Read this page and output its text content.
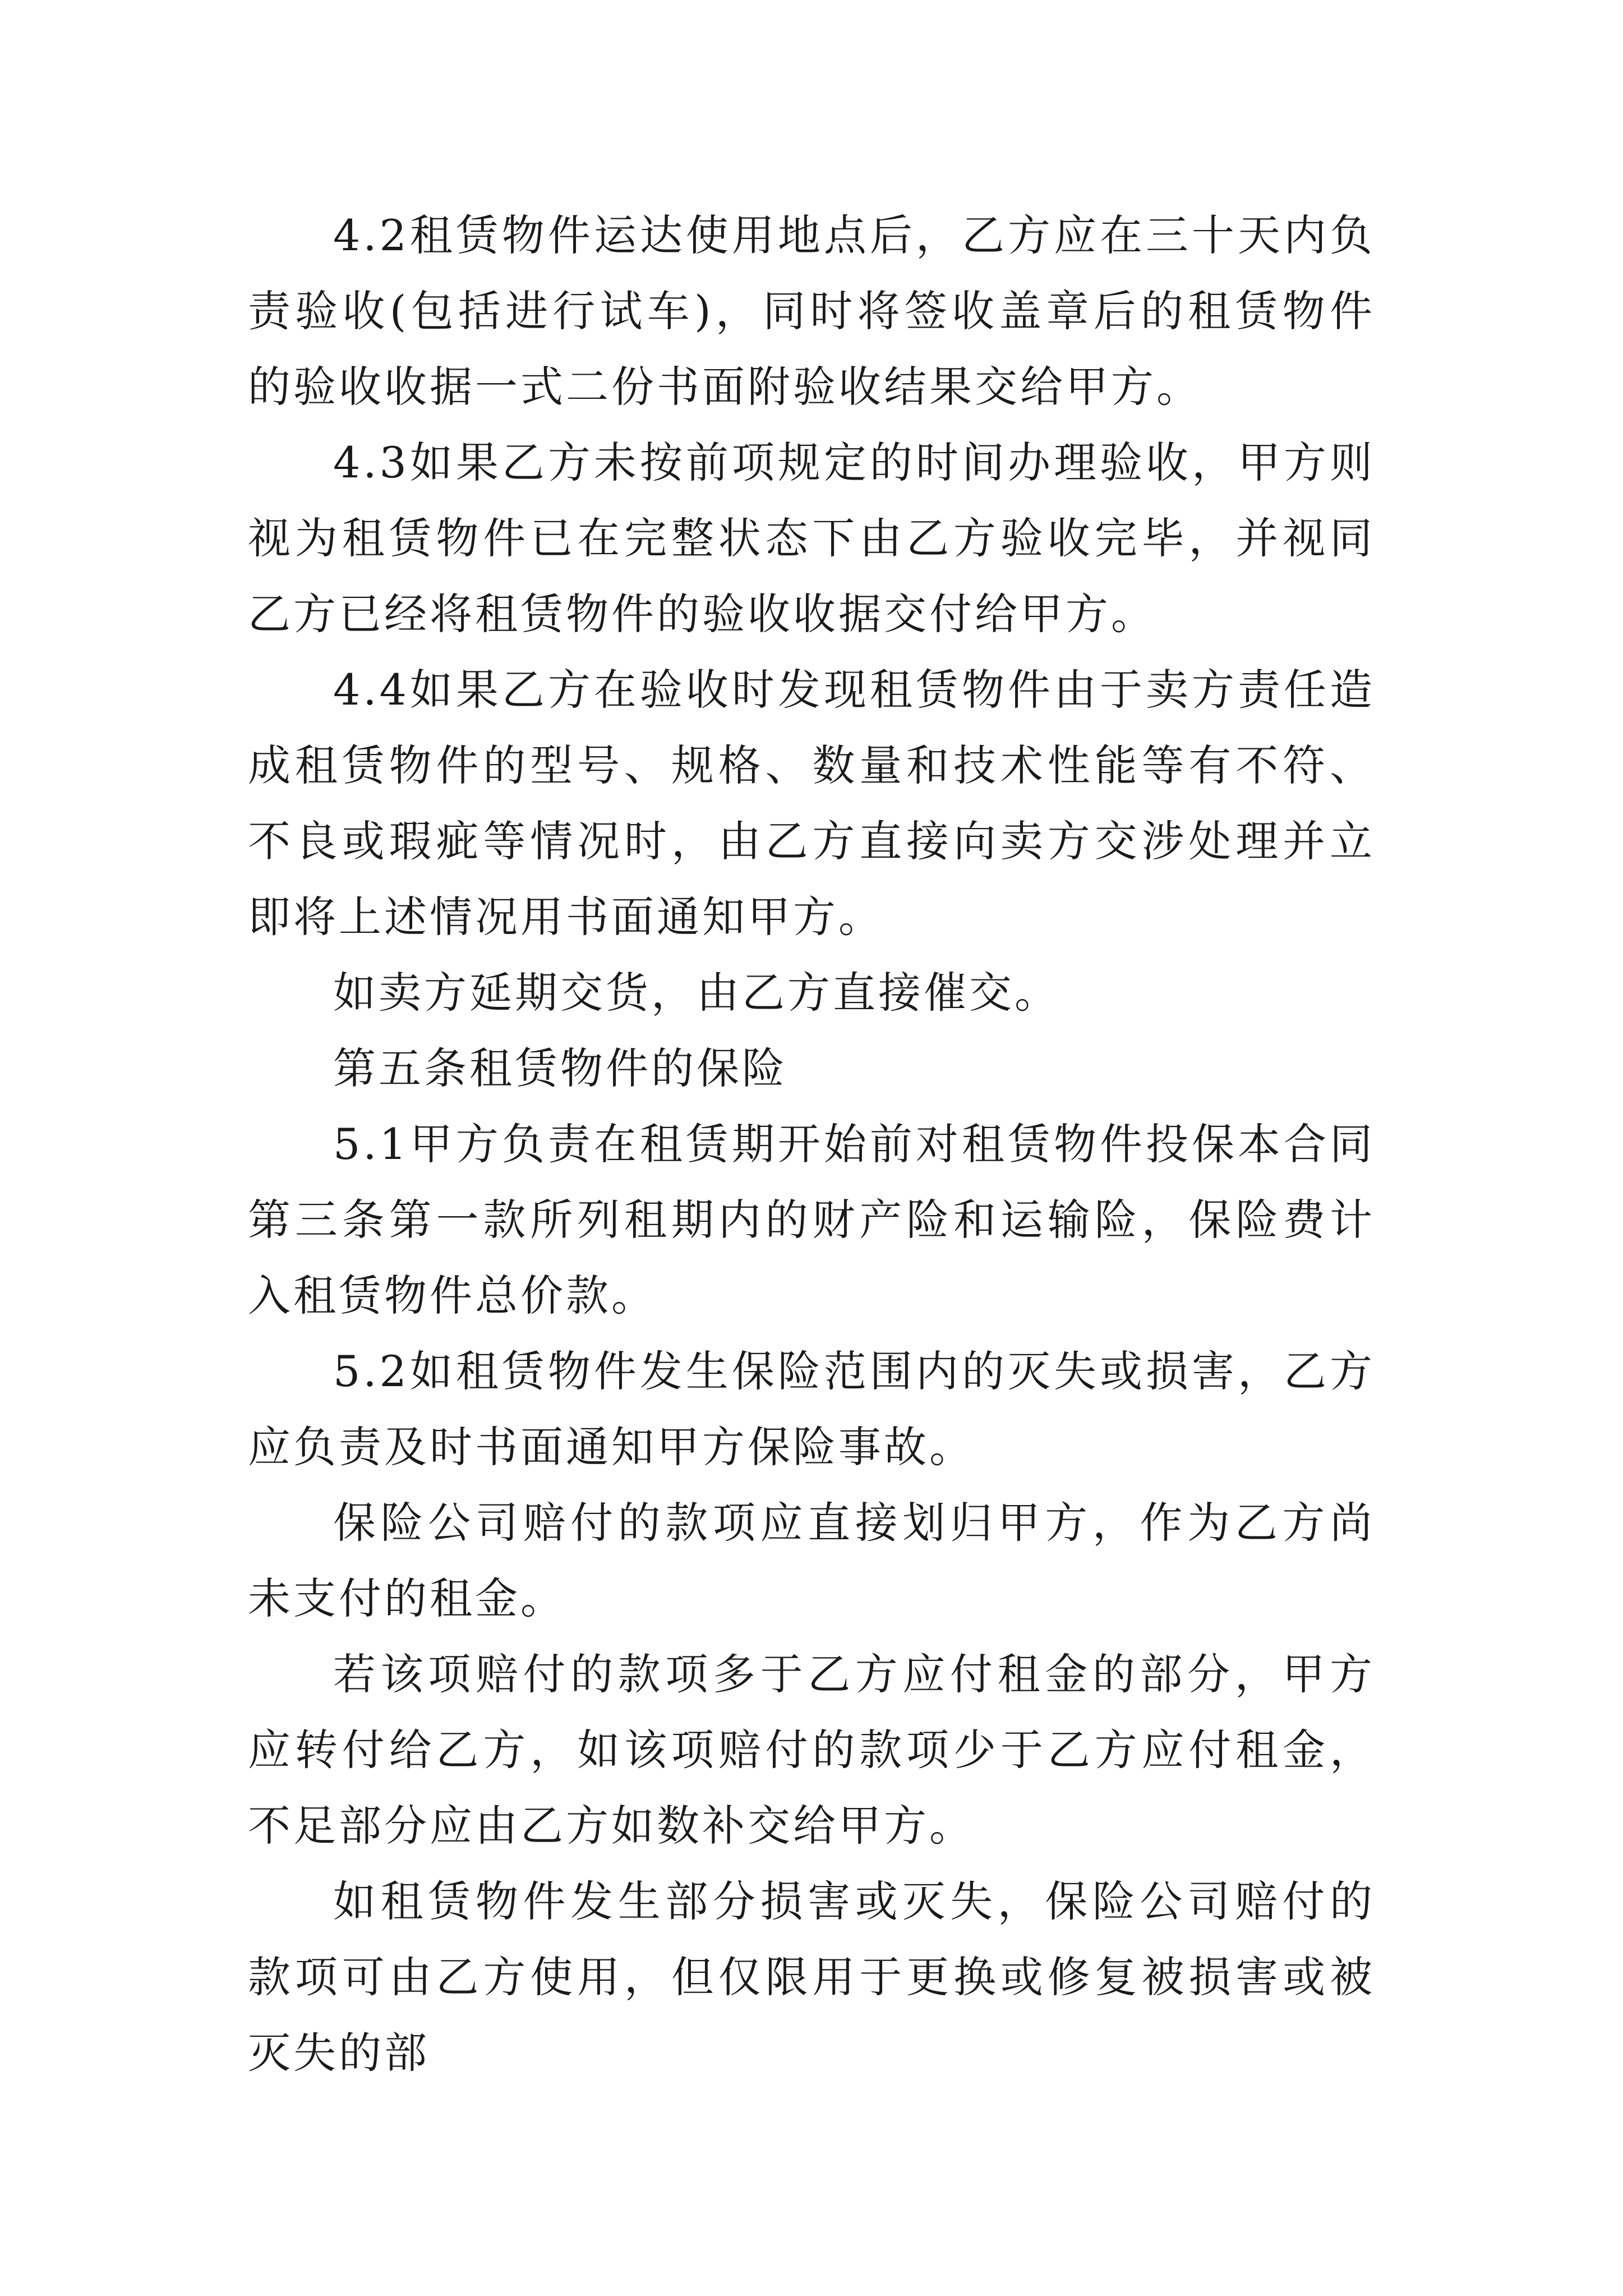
4.2租赁物件运达使用地点后，乙方应在三十天内负责验收(包括进行试车)，同时将签收盖章后的租赁物件的验收收据一式二份书面附验收结果交给甲方。

4.3如果乙方未按前项规定的时间办理验收，甲方则视为租赁物件已在完整状态下由乙方验收完毕，并视同乙方已经将租赁物件的验收收据交付给甲方。

4.4如果乙方在验收时发现租赁物件由于卖方责任造成租赁物件的型号、规格、数量和技术性能等有不符、不良或瑕疵等情况时，由乙方直接向卖方交涉处理并立即将上述情况用书面通知甲方。

如卖方延期交货，由乙方直接催交。

第五条租赁物件的保险

5.1甲方负责在租赁期开始前对租赁物件投保本合同第三条第一款所列租期内的财产险和运输险，保险费计入租赁物件总价款。

5.2如租赁物件发生保险范围内的灭失或损害，乙方应负责及时书面通知甲方保险事故。

保险公司赔付的款项应直接划归甲方，作为乙方尚未支付的租金。

若该项赔付的款项多于乙方应付租金的部分，甲方应转付给乙方，如该项赔付的款项少于乙方应付租金，不足部分应由乙方如数补交给甲方。

如租赁物件发生部分损害或灭失，保险公司赔付的款项可由乙方使用，但仅限用于更换或修复被损害或被灭失的部
